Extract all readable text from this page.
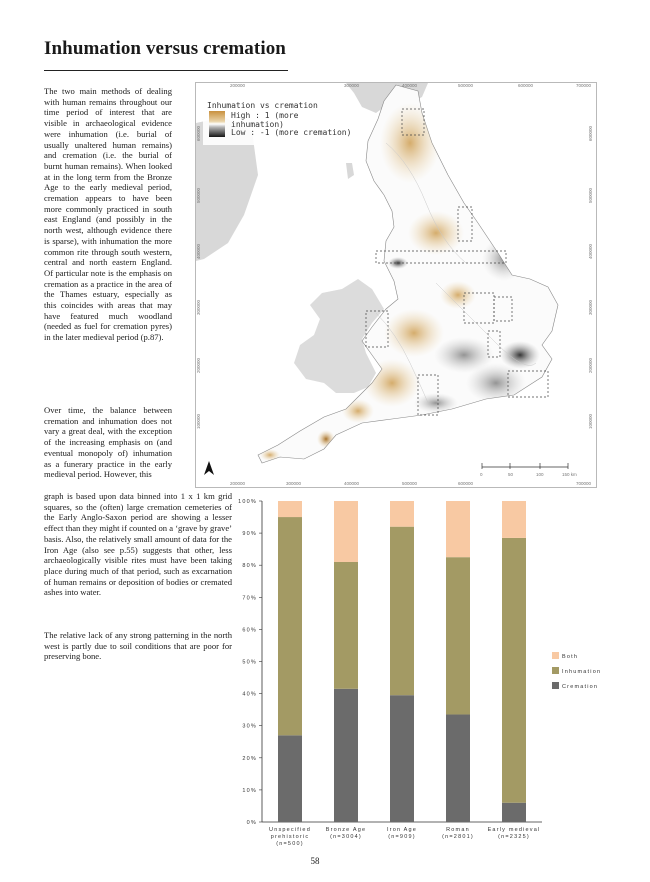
Inhumation versus cremation
The two main methods of dealing with human remains throughout our time period of interest that are visible in archaeological evidence were inhumation (i.e. burial of usually unaltered human remains) and cremation (i.e. the burial of burnt human remains). When looked at in the long term from the Bronze Age to the early medieval period, cremation appears to have been more commonly practiced in south east England (and possibly in the north west, although evidence there is sparse), with inhumation the more common rite through south western, central and north eastern England. Of particular note is the emphasis on cremation as a practice in the area of the Thames estuary, especially as this coincides with areas that may have featured much woodland (needed as fuel for cremation pyres) in the later medieval period (p.87).
Over time, the balance between cremation and inhumation does not vary a great deal, with the exception of the increasing emphasis on (and eventual monopoly of) inhumation as a funerary practice in the early medieval period. However, this
graph is based upon data binned into 1 x 1 km grid squares, so the (often) large cremation cemeteries of the Early Anglo-Saxon period are showing a lesser effect than they might if counted on a ‘grave by grave’ basis. Also, the relatively small amount of data for the Iron Age (also see p.55) suggests that other, less archaeologically visible rites must have been taking place during much of that period, such as excarnation of human remains or deposition of bodies or cremated ashes into water.
The relative lack of any strong patterning in the north west is partly due to soil conditions that are poor for preserving bone.
Inhumation vs cremation
High : 1 (more inhumation)
Low : -1 (more cremation)
200000	300000	400000	500000	600000	700000
200000	300000	400000	500000	600000	700000
600000
500000
400000
300000
200000
100000
600000
500000
400000
300000
200000
100000
0	50	100	150 km
0%
10%
20%
30%
40%
50%
60%
70%
80%
90%
100%
Unspecified
prehistoric
(n=500)
Bronze Age
(n=3004)
Iron Age
(n=909)
Roman
(n=2801)
Early medieval
(n=2325)
Both
Inhumation
Cremation
58
